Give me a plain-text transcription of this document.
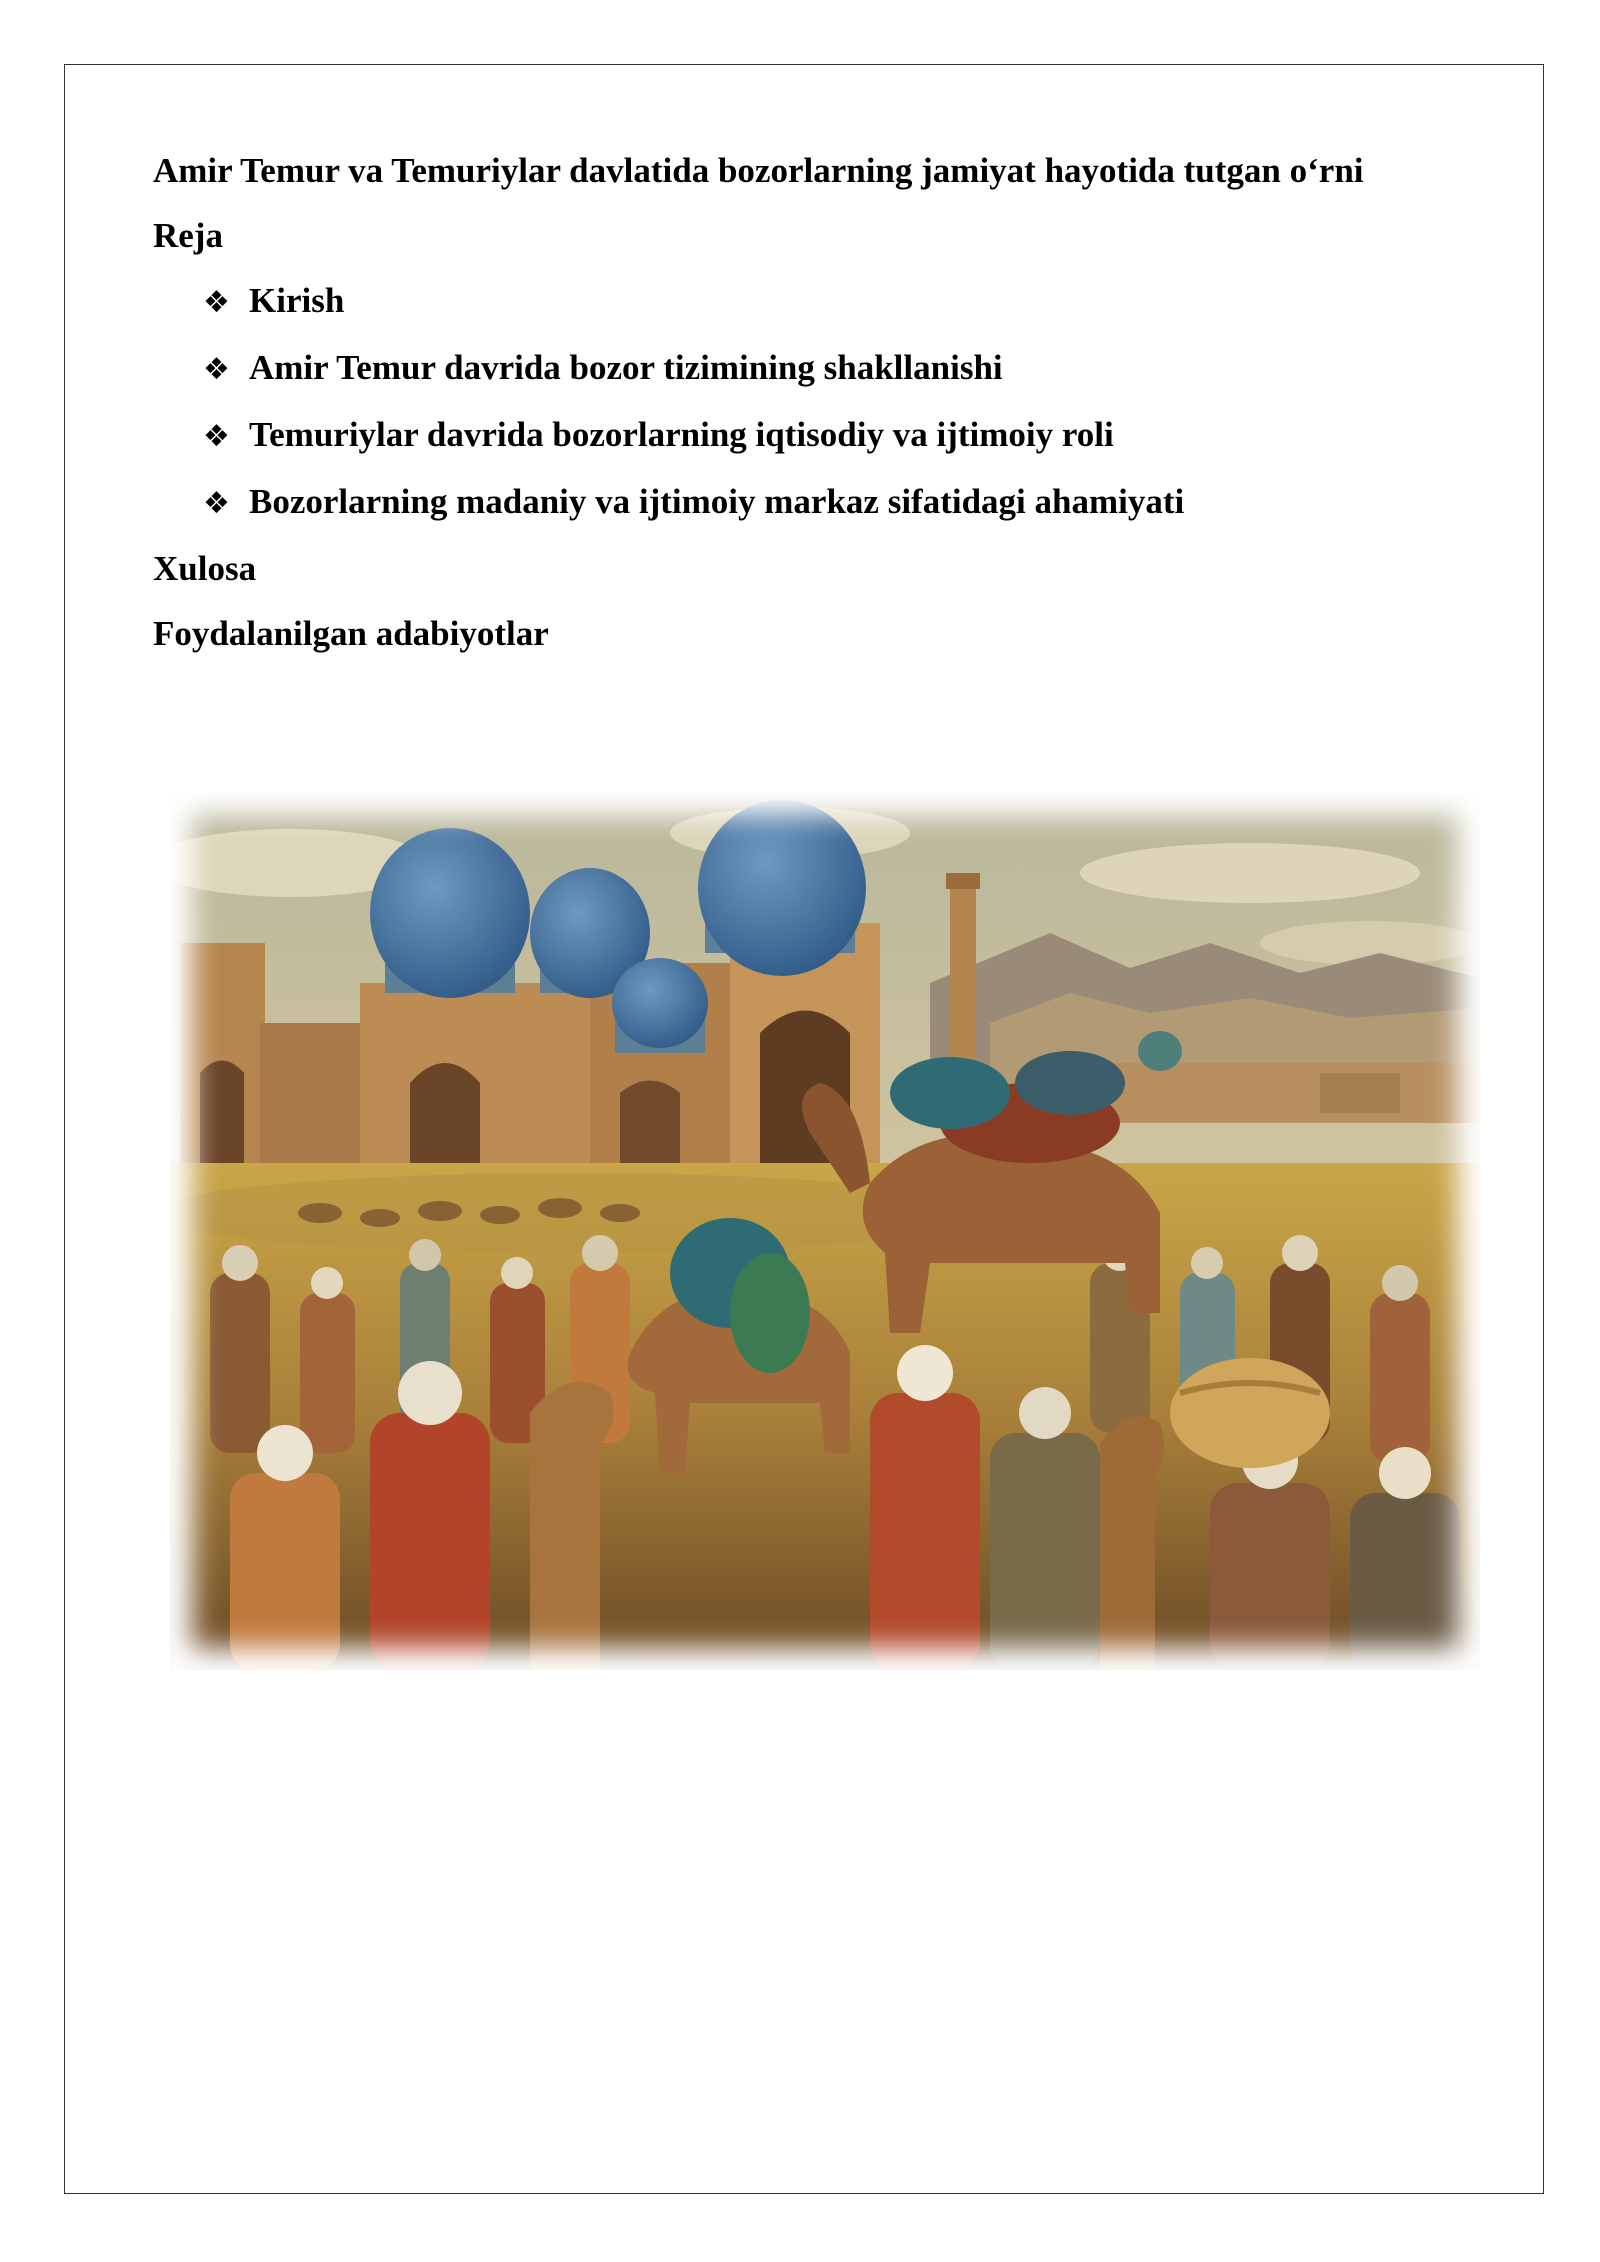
Amir Temur va Temuriylar davlatida bozorlarning jamiyat hayotida tutgan o‘rni
Reja
❖ Kirish
❖ Amir Temur davrida bozor tizimining shakllanishi
❖ Temuriylar davrida bozorlarning iqtisodiy va ijtimoiy roli
❖ Bozorlarning madaniy va ijtimoiy markaz sifatidagi ahamiyati
Xulosa
Foydalanilgan adabiyotlar
